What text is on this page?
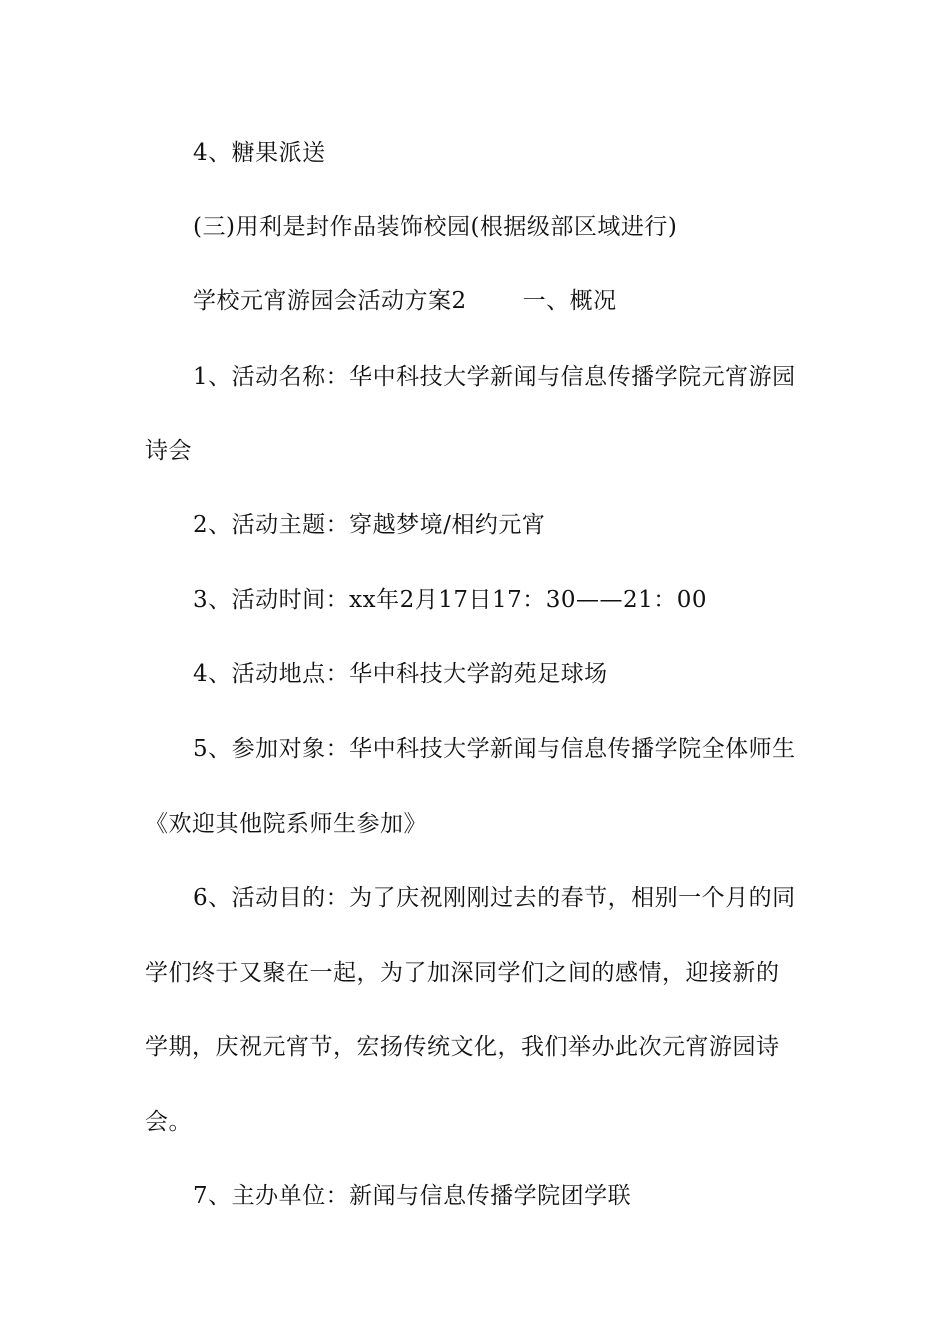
4、糖果派送
(三)用利是封作品装饰校园(根据级部区域进行)
学校元宵游园会活动方案2 一、概况
1、活动名称：华中科技大学新闻与信息传播学院元宵游园
诗会
2、活动主题：穿越梦境/相约元宵
3、活动时间：xx年2月17日17：30——21：00
4、活动地点：华中科技大学韵苑足球场
5、参加对象：华中科技大学新闻与信息传播学院全体师生
《欢迎其他院系师生参加》
6、活动目的：为了庆祝刚刚过去的春节，相别一个月的同
学们终于又聚在一起，为了加深同学们之间的感情，迎接新的
学期，庆祝元宵节，宏扬传统文化，我们举办此次元宵游园诗
会。
7、主办单位：新闻与信息传播学院团学联
